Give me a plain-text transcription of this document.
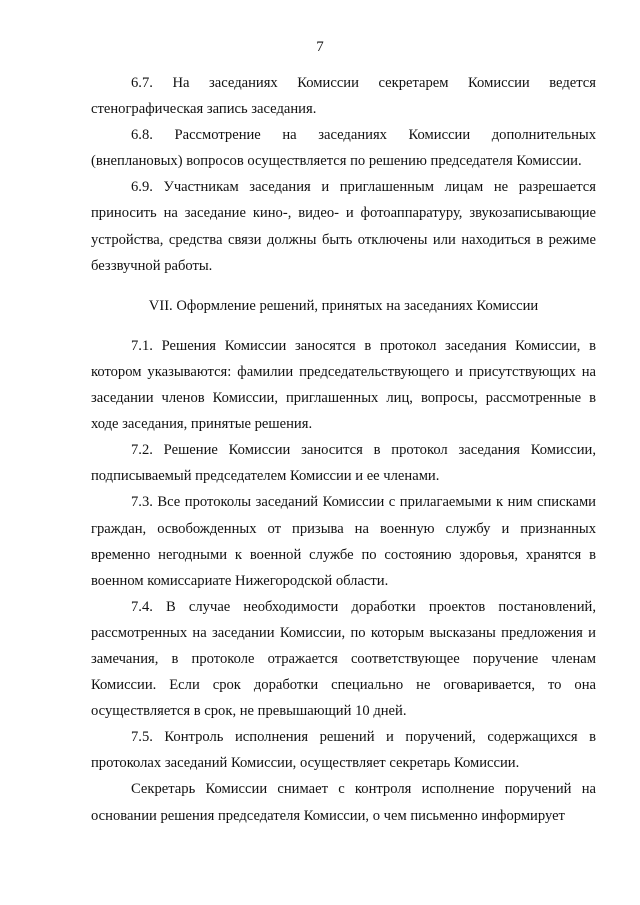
7

6.7. На заседаниях Комиссии секретарем Комиссии ведется стенографическая запись заседания.

6.8. Рассмотрение на заседаниях Комиссии дополнительных (внеплановых) вопросов осуществляется по решению председателя Комиссии.

6.9. Участникам заседания и приглашенным лицам не разрешается приносить на заседание кино-, видео- и фотоаппаратуру, звукозаписывающие устройства, средства связи должны быть отключены или находиться в режиме беззвучной работы.

VII. Оформление решений, принятых на заседаниях Комиссии

7.1. Решения Комиссии заносятся в протокол заседания Комиссии, в котором указываются: фамилии председательствующего и присутствующих на заседании членов Комиссии, приглашенных лиц, вопросы, рассмотренные в ходе заседания, принятые решения.

7.2. Решение Комиссии заносится в протокол заседания Комиссии, подписываемый председателем Комиссии и ее членами.

7.3. Все протоколы заседаний Комиссии с прилагаемыми к ним списками граждан, освобожденных от призыва на военную службу и признанных временно негодными к военной службе по состоянию здоровья, хранятся в военном комиссариате Нижегородской области.

7.4. В случае необходимости доработки проектов постановлений, рассмотренных на заседании Комиссии, по которым высказаны предложения и замечания, в протоколе отражается соответствующее поручение членам Комиссии. Если срок доработки специально не оговаривается, то она осуществляется в срок, не превышающий 10 дней.

7.5. Контроль исполнения решений и поручений, содержащихся в протоколах заседаний Комиссии, осуществляет секретарь Комиссии.

Секретарь Комиссии снимает с контроля исполнение поручений на основании решения председателя Комиссии, о чем письменно информирует
